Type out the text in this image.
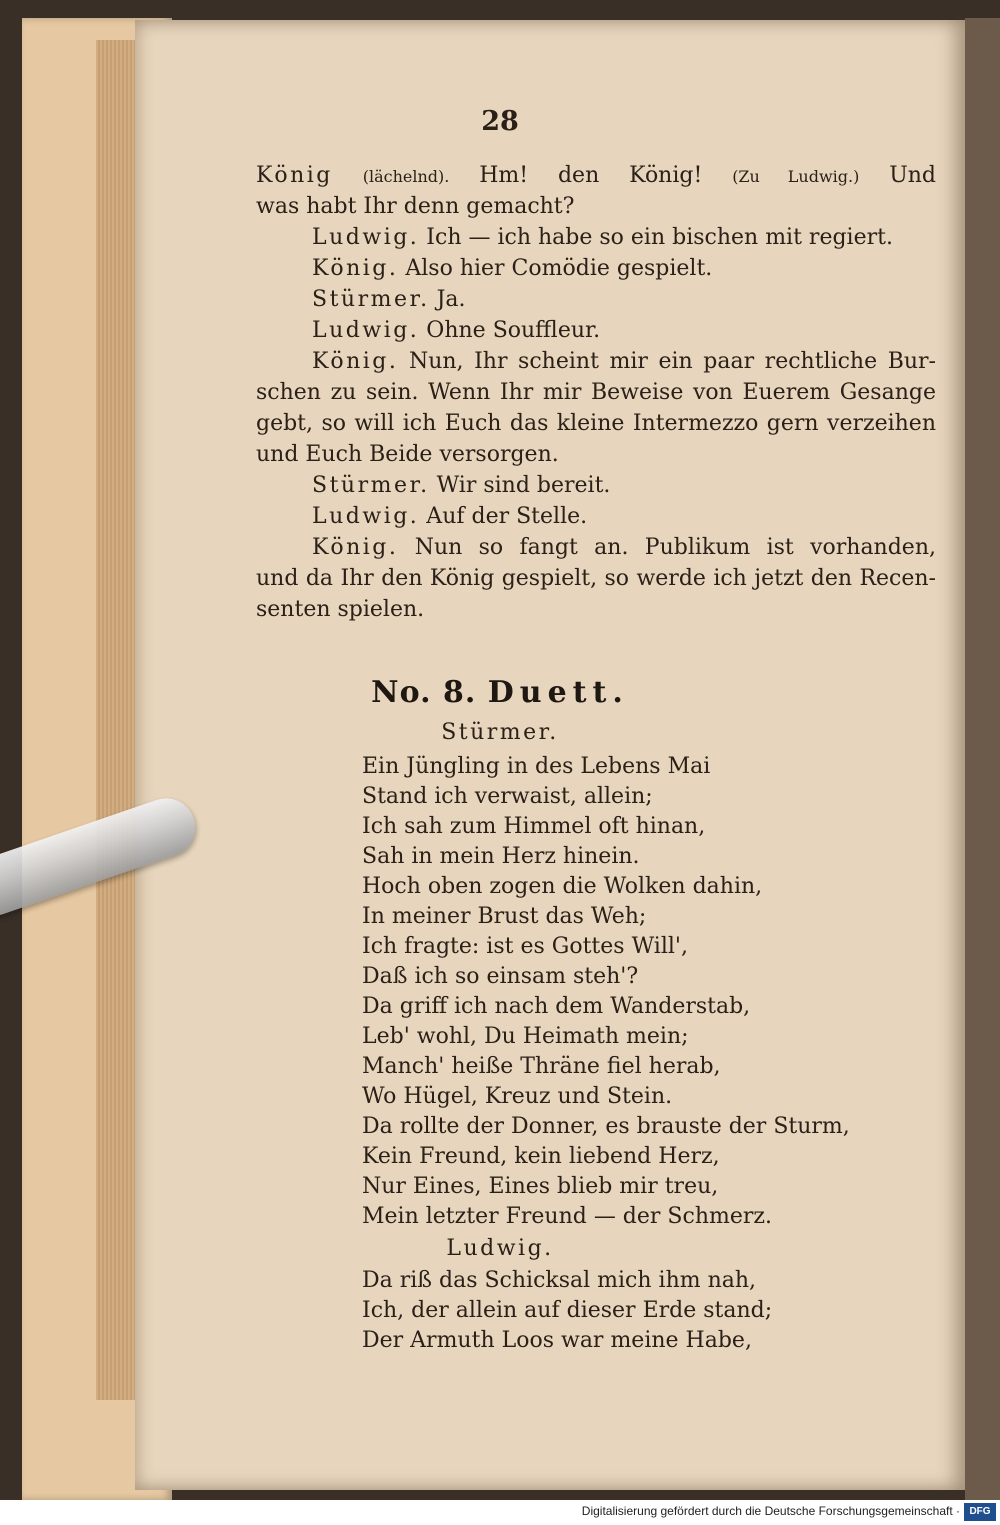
28
König (lächelnd). Hm! den König! (Zu Ludwig.) Und
was habt Ihr denn gemacht?
Ludwig. Ich — ich habe so ein bischen mit regiert.
König. Also hier Comödie gespielt.
Stürmer. Ja.
Ludwig. Ohne Souffleur.
König. Nun, Ihr scheint mir ein paar rechtliche Bur-
schen zu sein. Wenn Ihr mir Beweise von Euerem Gesange
gebt, so will ich Euch das kleine Intermezzo gern verzeihen
und Euch Beide versorgen.
Stürmer. Wir sind bereit.
Ludwig. Auf der Stelle.
König. Nun so fangt an. Publikum ist vorhanden,
und da Ihr den König gespielt, so werde ich jetzt den Recen-
senten spielen.
No. 8. Duett.
Stürmer.
Ein Jüngling in des Lebens Mai
Stand ich verwaist, allein;
Ich sah zum Himmel oft hinan,
Sah in mein Herz hinein.
Hoch oben zogen die Wolken dahin,
In meiner Brust das Weh;
Ich fragte: ist es Gottes Will',
Daß ich so einsam steh'?
Da griff ich nach dem Wanderstab,
Leb' wohl, Du Heimath mein;
Manch' heiße Thräne fiel herab,
Wo Hügel, Kreuz und Stein.
Da rollte der Donner, es brauste der Sturm,
Kein Freund, kein liebend Herz,
Nur Eines, Eines blieb mir treu,
Mein letzter Freund — der Schmerz.
Ludwig.
Da riß das Schicksal mich ihm nah,
Ich, der allein auf dieser Erde stand;
Der Armuth Loos war meine Habe,
Digitalisierung gefördert durch die Deutsche Forschungsgemeinschaft · DFG
